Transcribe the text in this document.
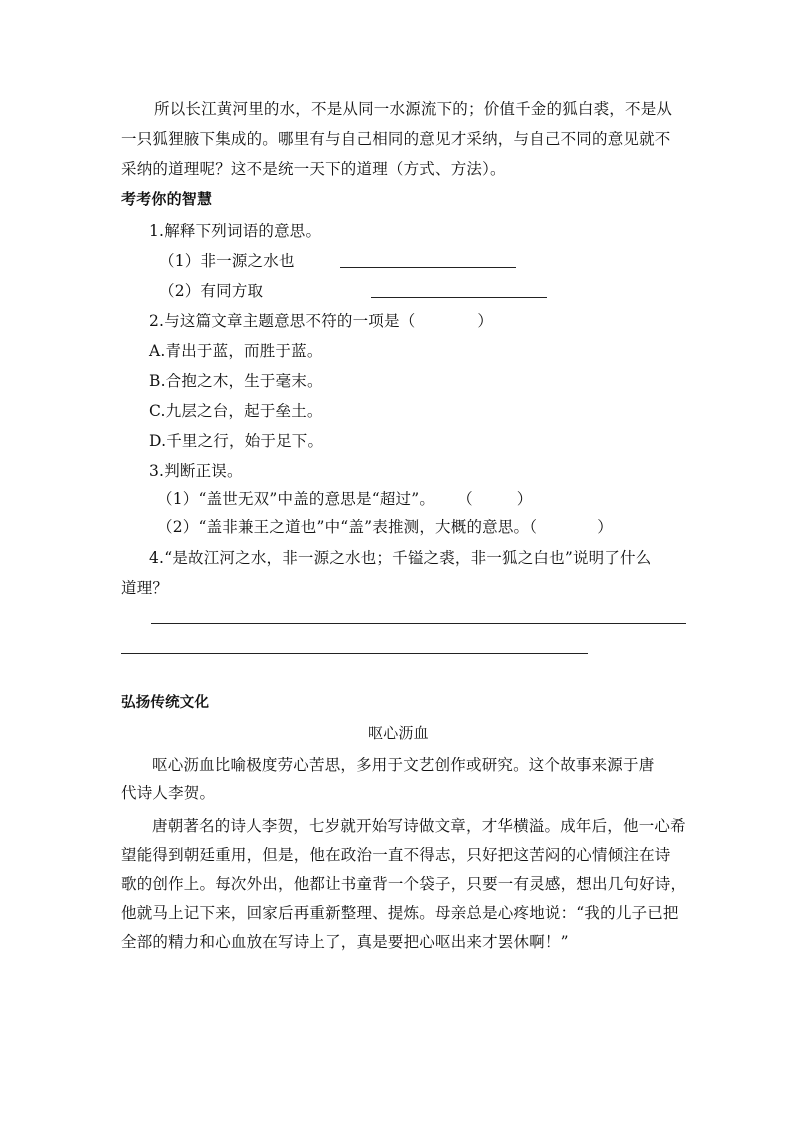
所以长江黄河里的水，不是从同一水源流下的；价值千金的狐白裘，不是从
一只狐狸腋下集成的。哪里有与自己相同的意见才采纳，与自己不同的意见就不
采纳的道理呢？这不是统一天下的道理（方式、方法）。
考考你的智慧
1.解释下列词语的意思。
（1）非一源之水也
（2）有同方取
2.与这篇文章主题意思不符的一项是（	）
A.青出于蓝，而胜于蓝。
B.合抱之木，生于毫末。
C.九层之台，起于垒土。
D.千里之行，始于足下。
3.判断正误。
（1）“盖世无双”中盖的意思是“超过”。 （	）
（2）“盖非兼王之道也”中“盖”表推测，大概的意思。（	）
4.“是故江河之水，非一源之水也；千镒之裘，非一狐之白也”说明了什么
道理？
弘扬传统文化
呕心沥血
呕心沥血比喻极度劳心苦思，多用于文艺创作或研究。这个故事来源于唐
代诗人李贺。
唐朝著名的诗人李贺，七岁就开始写诗做文章，才华横溢。成年后，他一心希
望能得到朝廷重用，但是，他在政治一直不得志，只好把这苦闷的心情倾注在诗
歌的创作上。每次外出，他都让书童背一个袋子，只要一有灵感，想出几句好诗，
他就马上记下来，回家后再重新整理、提炼。母亲总是心疼地说：“我的儿子已把
全部的精力和心血放在写诗上了，真是要把心呕出来才罢休啊！”
